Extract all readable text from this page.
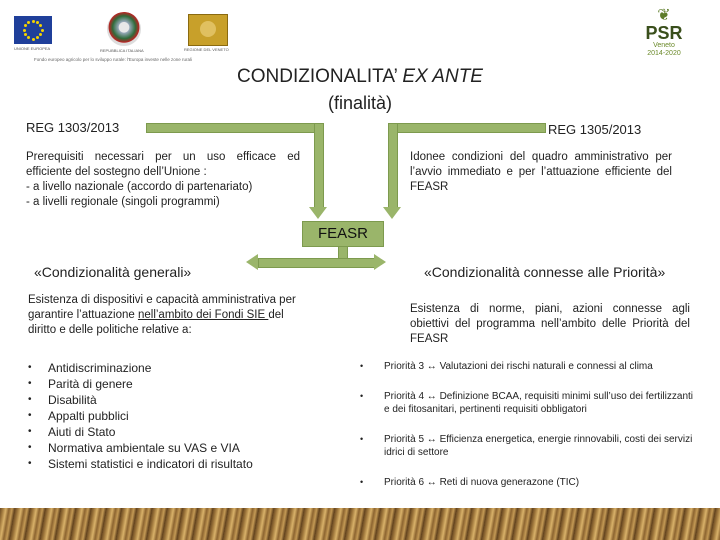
UNIONE EUROPEA	REPUBBLICA ITALIANA	REGIONE DEL VENETO
Fondo europeo agricolo per lo sviluppo rurale: l'Europa investe nelle zone rurali
❦
PSR
Veneto
2014-2020
CONDIZIONALITA’ EX ANTE
(finalità)
REG 1303/2013	REG 1305/2013
Prerequisiti necessari per un uso efficace ed efficiente del sostegno dell’Unione :
- a livello nazionale (accordo di partenariato)
- a livelli regionale (singoli programmi)
Idonee condizioni del quadro amministrativo per l’avvio immediato e per l’attuazione efficiente del FEASR
FEASR
«Condizionalità generali»	«Condizionalità connesse alle Priorità»
Esistenza di dispositivi e capacità amministrativa per garantire l’attuazione nell’ambito dei Fondi SIE del diritto e delle politiche relative a:
• Antidiscriminazione
• Parità di genere
• Disabilità
• Appalti pubblici
• Aiuti di Stato
• Normativa ambientale su VAS e VIA
• Sistemi statistici e indicatori di risultato
Esistenza di norme, piani, azioni connesse agli obiettivi del programma nell’ambito delle Priorità del FEASR
• Priorità 3 ↔ Valutazioni dei rischi naturali e connessi al clima
• Priorità 4 ↔ Definizione BCAA, requisiti minimi sull’uso dei fertilizzanti e dei fitosanitari, pertinenti requisiti obbligatori
• Priorità 5 ↔ Efficienza energetica, energie rinnovabili, costi dei servizi idrici di settore
• Priorità 6 ↔ Reti di nuova generazone (TIC)
